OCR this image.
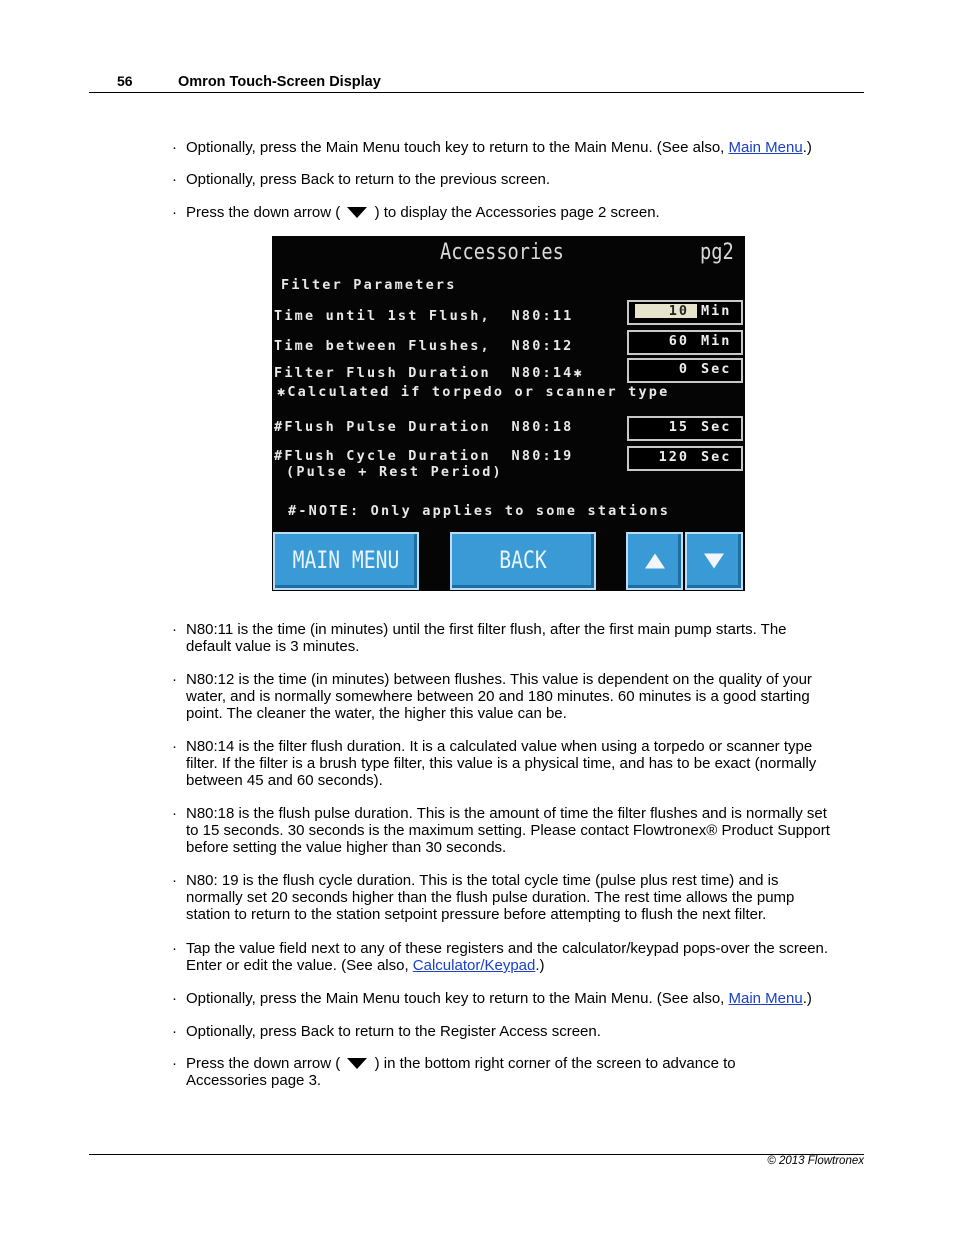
56	Omron Touch-Screen Display
· Optionally, press the Main Menu touch key to return to the Main Menu. (See also, Main Menu.)
· Optionally, press Back to return to the previous screen.
· Press the down arrow (  ) to display the Accessories page 2 screen.
Accessories	pg2
Filter Parameters
Time until 1st Flush,  N80:11	10 Min
Time between Flushes,  N80:12	60 Min
Filter Flush Duration  N80:14✱	0 Sec
✱Calculated if torpedo or scanner type
#Flush Pulse Duration  N80:18	15 Sec
#Flush Cycle Duration  N80:19	120 Sec
(Pulse + Rest Period)
#-NOTE: Only applies to some stations
MAIN MENU	BACK
· N80:11 is the time (in minutes) until the first filter flush, after the first main pump starts. The
default value is 3 minutes.
· N80:12 is the time (in minutes) between flushes. This value is dependent on the quality of your
water, and is normally somewhere between 20 and 180 minutes. 60 minutes is a good starting
point. The cleaner the water, the higher this value can be.
· N80:14 is the filter flush duration. It is a calculated value when using a torpedo or scanner type
filter. If the filter is a brush type filter, this value is a physical time, and has to be exact (normally
between 45 and 60 seconds).
· N80:18 is the flush pulse duration. This is the amount of time the filter flushes and is normally set
to 15 seconds. 30 seconds is the maximum setting. Please contact Flowtronex® Product Support
before setting the value higher than 30 seconds.
· N80: 19 is the flush cycle duration. This is the total cycle time (pulse plus rest time) and is
normally set 20 seconds higher than the flush pulse duration. The rest time allows the pump
station to return to the station setpoint pressure before attempting to flush the next filter.
· Tap the value field next to any of these registers and the calculator/keypad pops-over the screen.
Enter or edit the value. (See also, Calculator/Keypad.)
· Optionally, press the Main Menu touch key to return to the Main Menu. (See also, Main Menu.)
· Optionally, press Back to return to the Register Access screen.
· Press the down arrow (  ) in the bottom right corner of the screen to advance to
Accessories page 3.
© 2013 Flowtronex
